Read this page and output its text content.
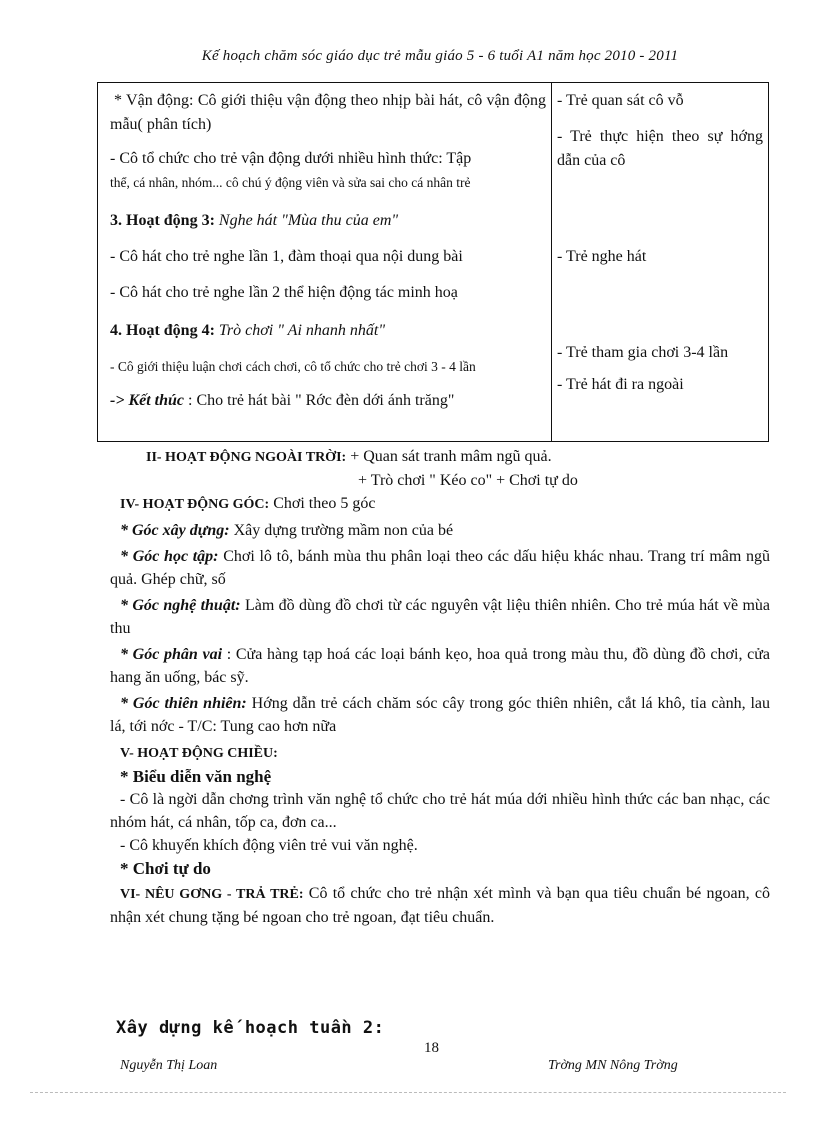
Kế hoạch chăm sóc giáo dục trẻ mẫu giáo 5 - 6 tuổi A1 năm học 2010 - 2011

* Vận động: Cô giới thiệu vận động theo nhịp bài hát, cô vận động mẫu( phân tích)

- Cô tổ chức cho trẻ vận động dưới nhiều hình thức: Tập

thể, cá nhân, nhóm... cô chú ý động viên và sửa sai cho cá nhân trẻ

3. Hoạt động 3: Nghe hát "Mùa thu của em"

- Cô hát cho trẻ nghe lần 1, đàm thoại qua nội dung bài

- Cô hát cho trẻ nghe lần 2 thể hiện động tác minh hoạ

4. Hoạt động 4: Trò chơi " Ai nhanh nhất"

- Cô giới thiệu luận chơi cách chơi, cô tổ chức cho trẻ chơi 3 - 4 lần

-> Kết thúc : Cho trẻ hát bài " Rớc đèn dới ánh trăng"

- Trẻ quan sát cô vỗ

- Trẻ thực hiện theo sự hớng dẫn của cô

- Trẻ nghe hát

- Trẻ tham gia chơi 3-4 lần

- Trẻ hát đi ra ngoài

II- HOẠT ĐỘNG NGOÀI TRỜI: + Quan sát tranh mâm ngũ quả.
+ Trò chơi " Kéo co" + Chơi tự do
IV- HOẠT ĐỘNG GÓC: Chơi theo 5 góc
* Góc xây dựng: Xây dựng trường mầm non của bé
* Góc học tập: Chơi lô tô, bánh mùa thu phân loại theo các dấu hiệu khác nhau. Trang trí mâm ngũ quả. Ghép chữ, số
* Góc nghệ thuật: Làm đồ dùng đồ chơi từ các nguyên vật liệu thiên nhiên. Cho trẻ múa hát về mùa thu
* Góc phân vai : Cửa hàng tạp hoá các loại bánh kẹo, hoa quả trong màu thu, đồ dùng đồ chơi, cửa hang ăn uống, bác sỹ.
* Góc thiên nhiên: Hớng dẫn trẻ cách chăm sóc cây trong góc thiên nhiên, cắt lá khô, tỉa cành, lau lá, tới nớc - T/C: Tung cao hơn nữa
V- HOẠT ĐỘNG CHIỀU:
* Biểu diễn văn nghệ
- Cô là ngời dẫn chơng trình văn nghệ tổ chức cho trẻ hát múa dới nhiều hình thức các ban nhạc, các nhóm hát, cá nhân, tốp ca, đơn ca...
- Cô khuyến khích động viên trẻ vui văn nghệ.
* Chơi tự do
VI- NÊU GƠNG - TRẢ TRẺ: Cô tổ chức cho trẻ nhận xét mình và bạn qua tiêu chuẩn bé ngoan, cô nhận xét chung tặng bé ngoan cho trẻ ngoan, đạt tiêu chuẩn.
Xây dựng kế hoạch tuần 2:
18
Nguyễn Thị Loan	Trờng MN Nông Trờng
